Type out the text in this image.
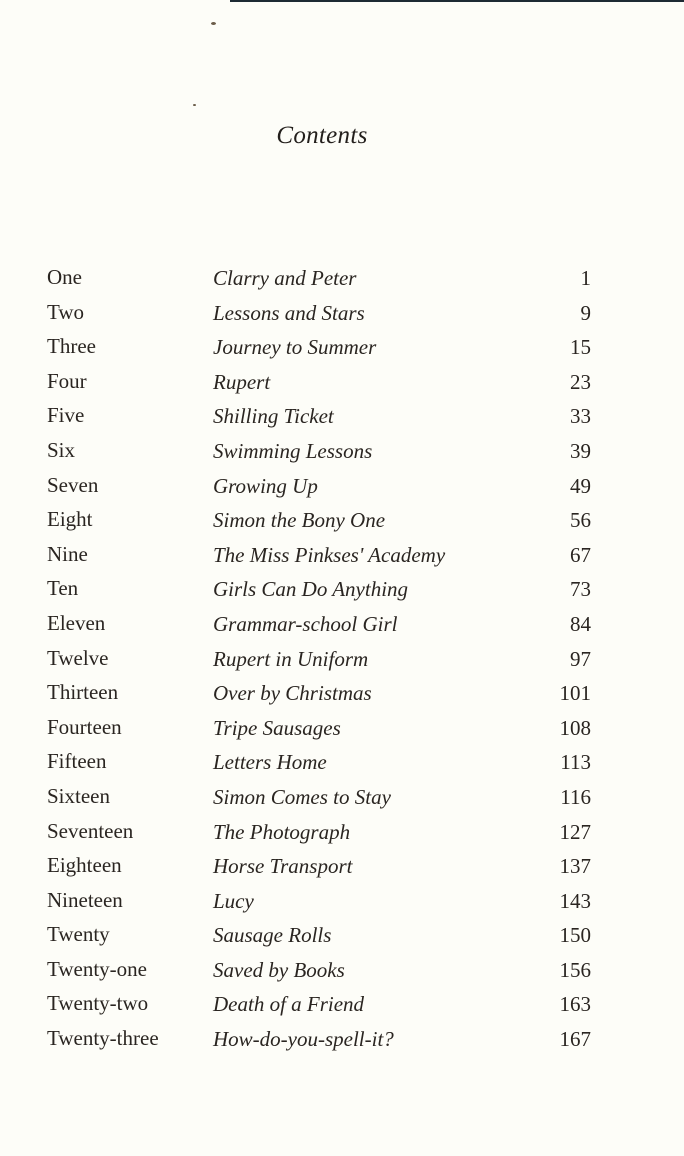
Contents
One	Clarry and Peter	1
Two	Lessons and Stars	9
Three	Journey to Summer	15
Four	Rupert	23
Five	Shilling Ticket	33
Six	Swimming Lessons	39
Seven	Growing Up	49
Eight	Simon the Bony One	56
Nine	The Miss Pinkses' Academy	67
Ten	Girls Can Do Anything	73
Eleven	Grammar-school Girl	84
Twelve	Rupert in Uniform	97
Thirteen	Over by Christmas	101
Fourteen	Tripe Sausages	108
Fifteen	Letters Home	113
Sixteen	Simon Comes to Stay	116
Seventeen	The Photograph	127
Eighteen	Horse Transport	137
Nineteen	Lucy	143
Twenty	Sausage Rolls	150
Twenty-one	Saved by Books	156
Twenty-two	Death of a Friend	163
Twenty-three	How-do-you-spell-it?	167
